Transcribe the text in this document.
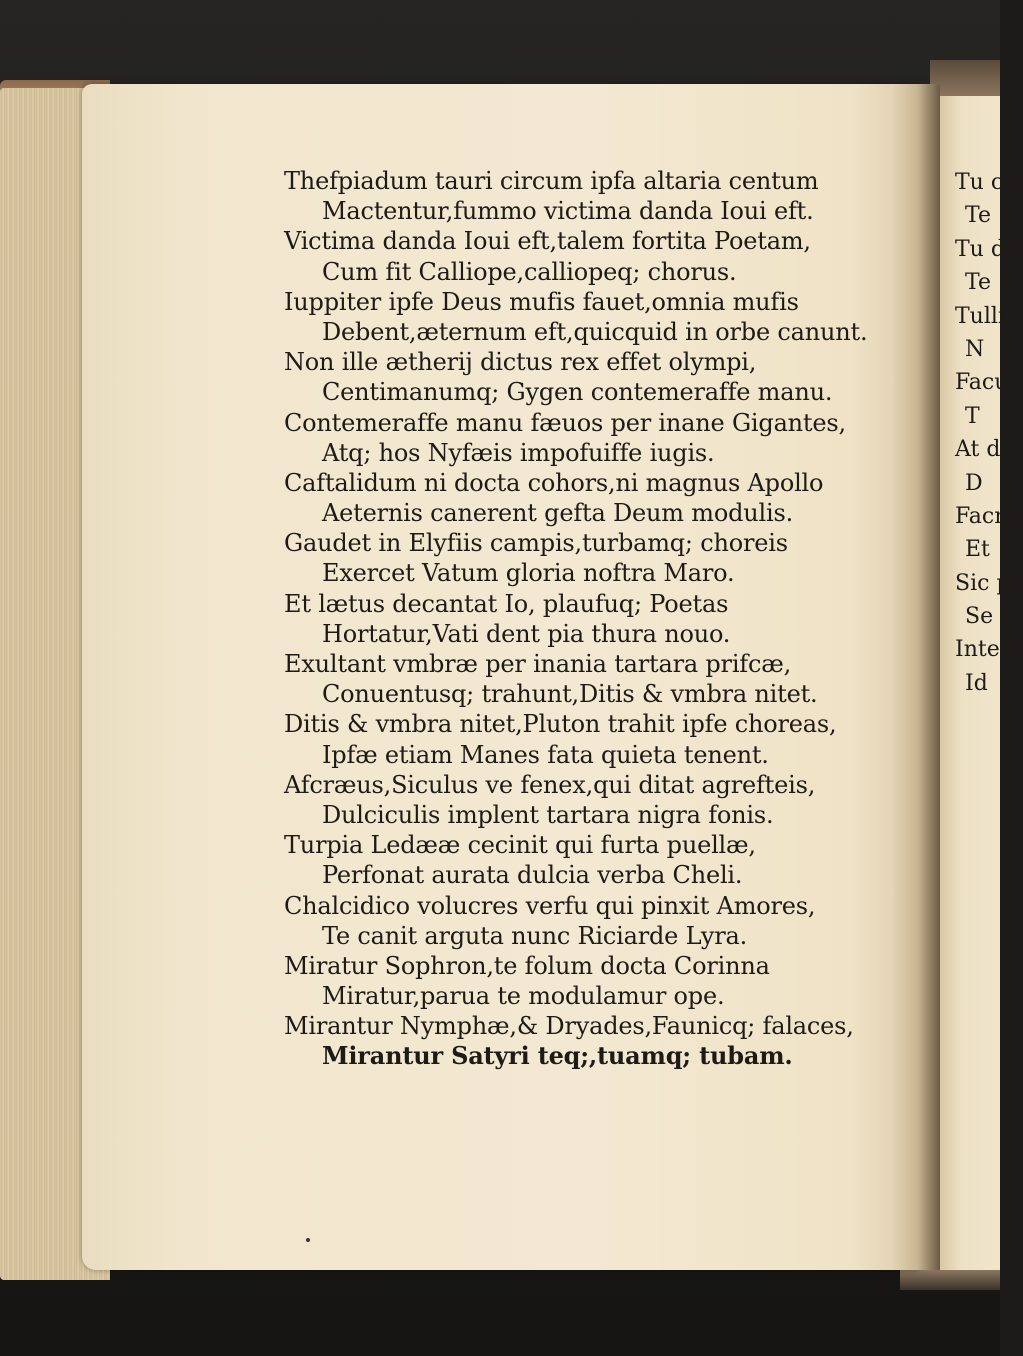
Thefpiadum tauri circum ipfa altaria centum
Mactentur,fummo victima danda Ioui eft.
Victima danda Ioui eft,talem fortita Poetam,
Cum fit Calliope,calliopeq; chorus.
Iuppiter ipfe Deus mufis fauet,omnia mufis
Debent,æternum eft,quicquid in orbe canunt.
Non ille ætherij dictus rex effet olympi,
Centimanumq; Gygen contemeraffe manu.
Contemeraffe manu fæuos per inane Gigantes,
Atq; hos Nyfæis impofuiffe iugis.
Caftalidum ni docta cohors,ni magnus Apollo
Aeternis canerent gefta Deum modulis.
Gaudet in Elyfiis campis,turbamq; choreis
Exercet Vatum gloria noftra Maro.
Et lætus decantat Io, plaufuq; Poetas
Hortatur,Vati dent pia thura nouo.
Exultant vmbræ per inania tartara prifcæ,
Conuentusq; trahunt,Ditis & vmbra nitet.
Ditis & vmbra nitet,Pluton trahit ipfe choreas,
Ipfæ etiam Manes fata quieta tenent.
Afcræus,Siculus ve fenex,qui ditat agrefteis,
Dulciculis implent tartara nigra fonis.
Turpia Ledææ cecinit qui furta puellæ,
Perfonat aurata dulcia verba Cheli.
Chalcidico volucres verfu qui pinxit Amores,
Te canit arguta nunc Riciarde Lyra.
Miratur Sophron,te folum docta Corinna
Miratur,parua te modulamur ope.
Mirantur Nymphæ,& Dryades,Faunicq; falaces,
Mirantur Satyri teq;,tuamq; tubam.
Tu ca
Te
Tu de
Te
Tulli
N
Facu
T
At de
D
Facm
Et
Sic pr
Se
Intere
Id
